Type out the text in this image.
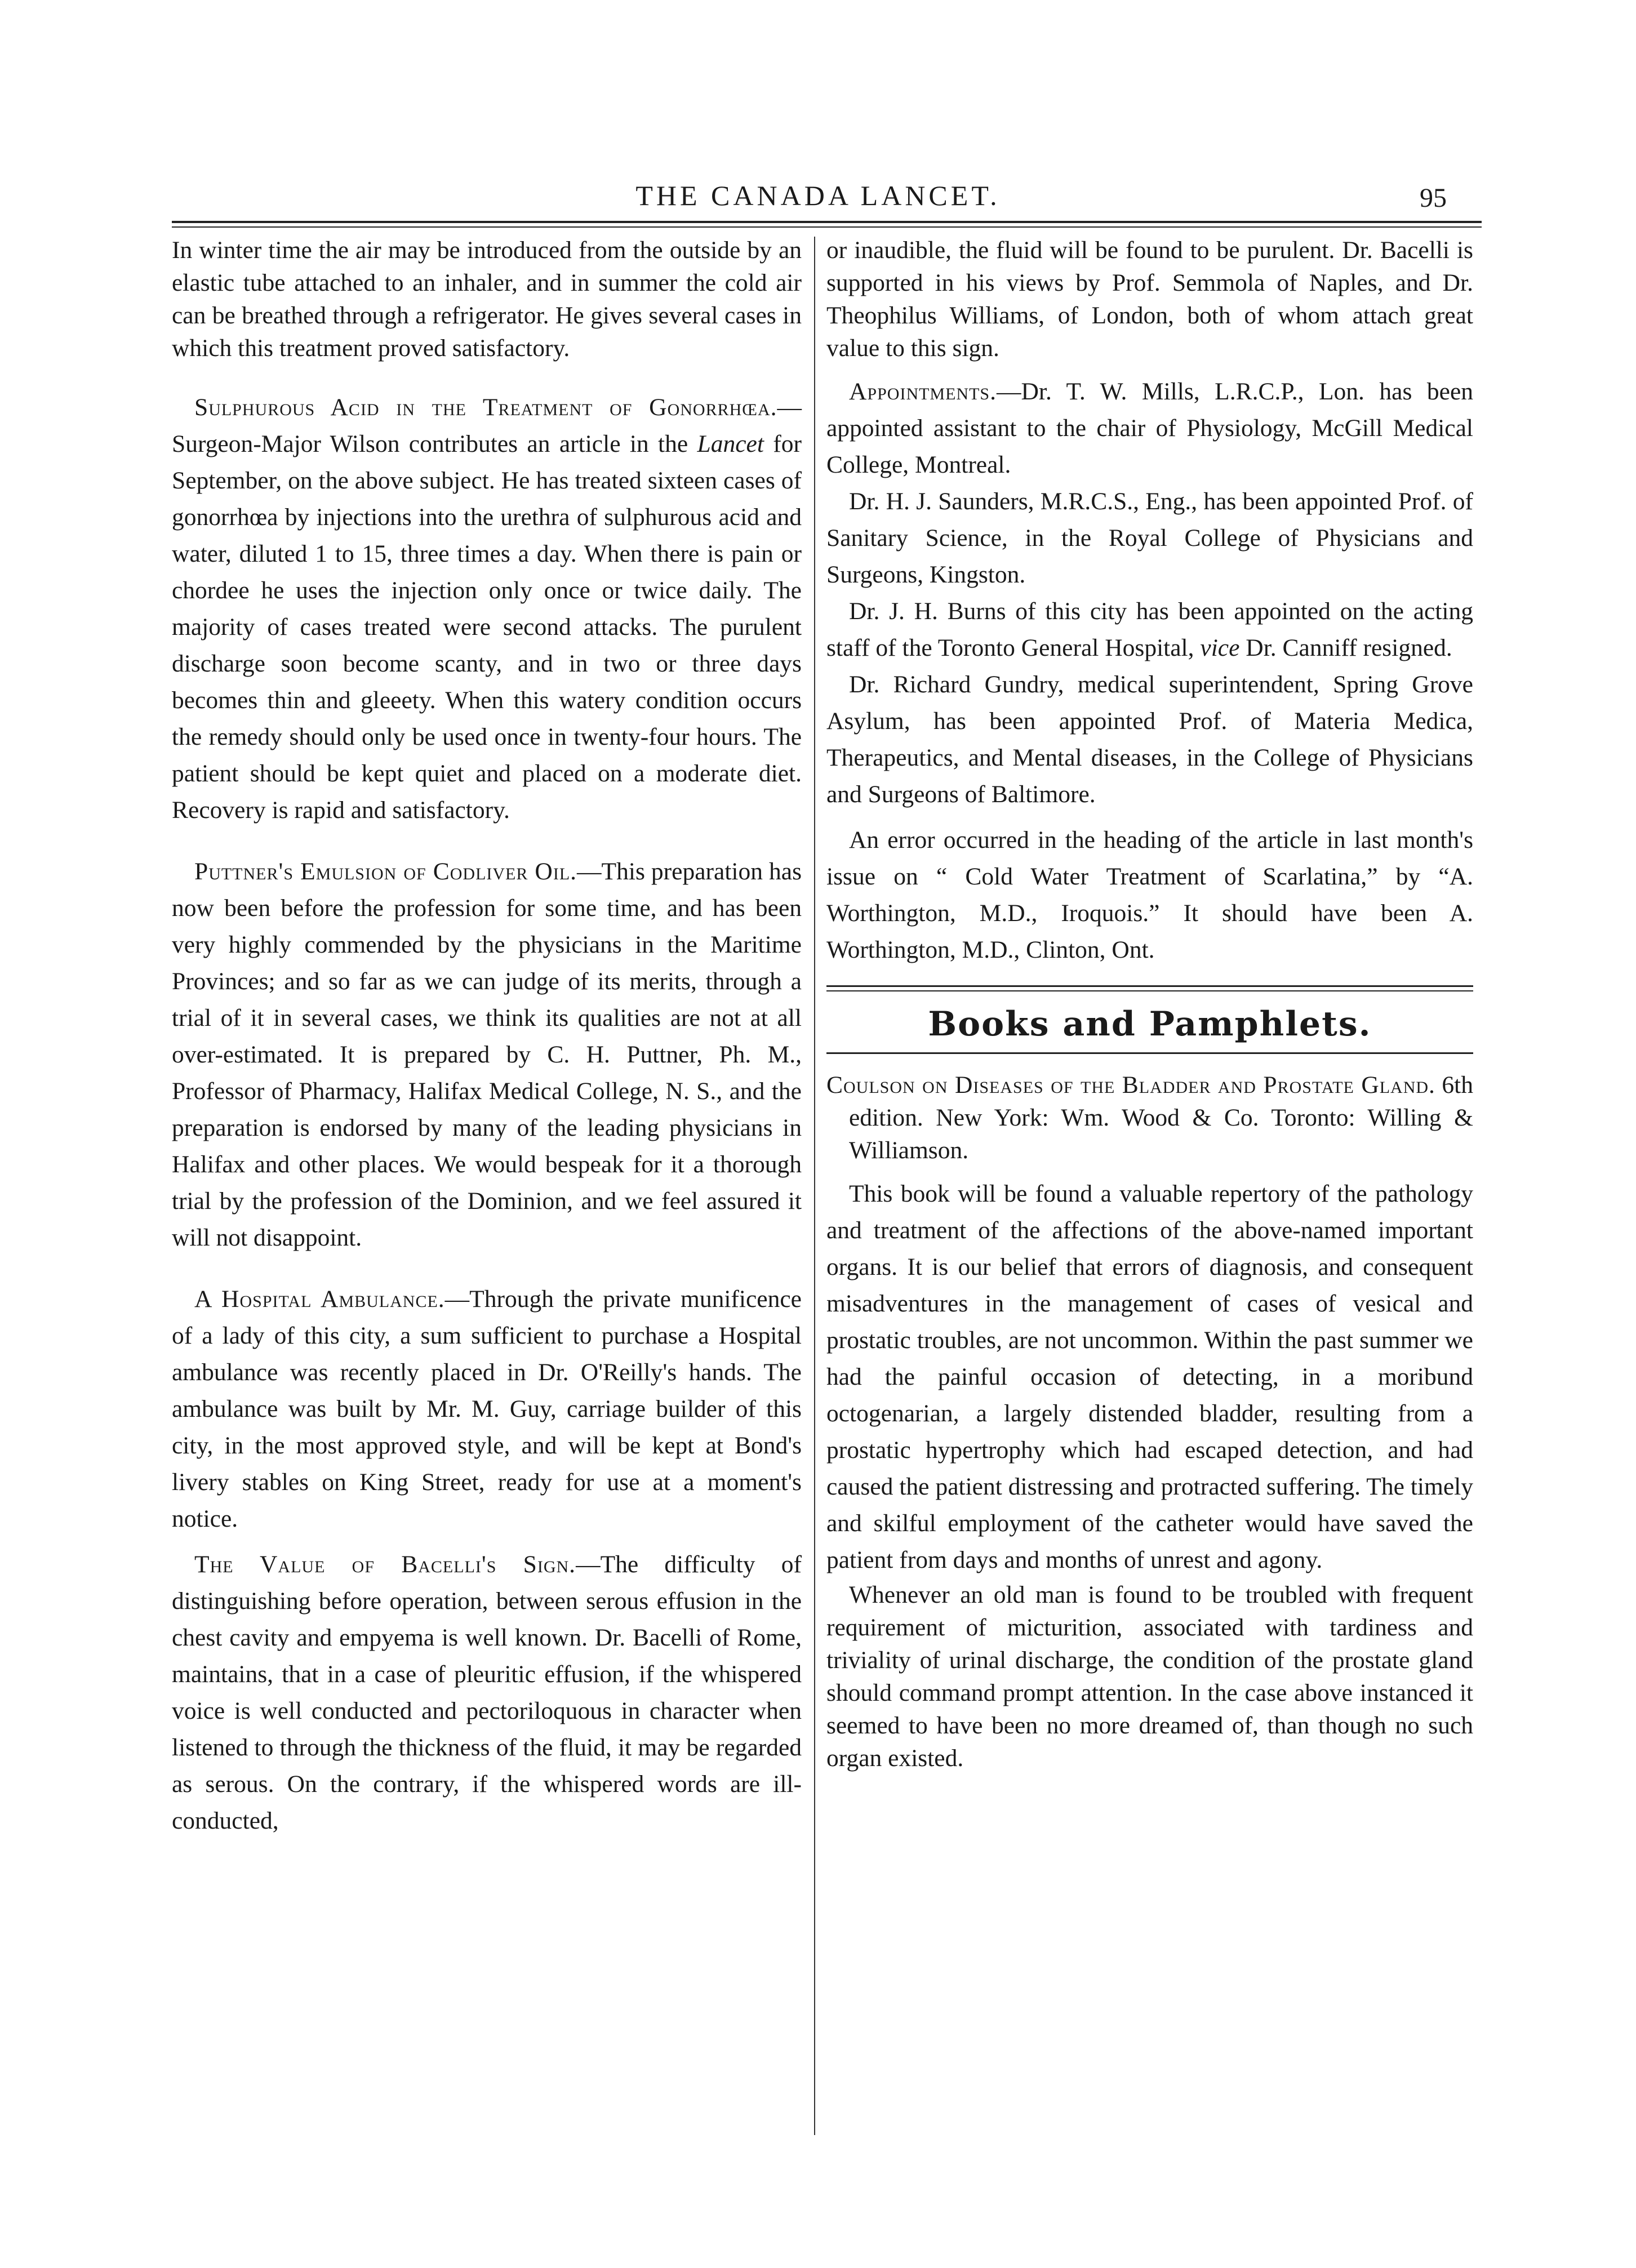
THE CANADA LANCET.	95

In winter time the air may be introduced from the outside by an elastic tube attached to an inhaler, and in summer the cold air can be breathed through a refrigerator. He gives several cases in which this treatment proved satisfactory.

Sulphurous Acid in the Treatment of Gonorrhœa.—Surgeon-Major Wilson contributes an article in the Lancet for September, on the above subject. He has treated sixteen cases of gonorrhœa by injections into the urethra of sulphurous acid and water, diluted 1 to 15, three times a day. When there is pain or chordee he uses the injection only once or twice daily. The majority of cases treated were second attacks. The purulent discharge soon become scanty, and in two or three days becomes thin and gleeety. When this watery condition occurs the remedy should only be used once in twenty-four hours. The patient should be kept quiet and placed on a moderate diet. Recovery is rapid and satisfactory.

Puttner's Emulsion of Codliver Oil.—This preparation has now been before the profession for some time, and has been very highly commended by the physicians in the Maritime Provinces; and so far as we can judge of its merits, through a trial of it in several cases, we think its qualities are not at all over-estimated. It is prepared by C. H. Puttner, Ph. M., Professor of Pharmacy, Halifax Medical College, N. S., and the preparation is endorsed by many of the leading physicians in Halifax and other places. We would bespeak for it a thorough trial by the profession of the Dominion, and we feel assured it will not disappoint.

A Hospital Ambulance.—Through the private munificence of a lady of this city, a sum sufficient to purchase a Hospital ambulance was recently placed in Dr. O'Reilly's hands. The ambulance was built by Mr. M. Guy, carriage builder of this city, in the most approved style, and will be kept at Bond's livery stables on King Street, ready for use at a moment's notice.

The Value of Bacelli's Sign.—The difficulty of distinguishing before operation, between serous effusion in the chest cavity and empyema is well known. Dr. Bacelli of Rome, maintains, that in a case of pleuritic effusion, if the whispered voice is well conducted and pectoriloquous in character when listened to through the thickness of the fluid, it may be regarded as serous. On the contrary, if the whispered words are ill-conducted,

or inaudible, the fluid will be found to be purulent. Dr. Bacelli is supported in his views by Prof. Semmola of Naples, and Dr. Theophilus Williams, of London, both of whom attach great value to this sign.

Appointments.—Dr. T. W. Mills, L.R.C.P., Lon. has been appointed assistant to the chair of Physiology, McGill Medical College, Montreal.

Dr. H. J. Saunders, M.R.C.S., Eng., has been appointed Prof. of Sanitary Science, in the Royal College of Physicians and Surgeons, Kingston.

Dr. J. H. Burns of this city has been appointed on the acting staff of the Toronto General Hospital, vice Dr. Canniff resigned.

Dr. Richard Gundry, medical superintendent, Spring Grove Asylum, has been appointed Prof. of Materia Medica, Therapeutics, and Mental diseases, in the College of Physicians and Surgeons of Baltimore.

An error occurred in the heading of the article in last month's issue on “ Cold Water Treatment of Scarlatina,” by “A. Worthington, M.D., Iroquois.” It should have been A. Worthington, M.D., Clinton, Ont.

Books and Pamphlets.

Coulson on Diseases of the Bladder and Prostate Gland. 6th edition. New York: Wm. Wood & Co. Toronto: Willing & Williamson.

This book will be found a valuable repertory of the pathology and treatment of the affections of the above-named important organs. It is our belief that errors of diagnosis, and consequent misadventures in the management of cases of vesical and prostatic troubles, are not uncommon. Within the past summer we had the painful occasion of detecting, in a moribund octogenarian, a largely distended bladder, resulting from a prostatic hypertrophy which had escaped detection, and had caused the patient distressing and protracted suffering. The timely and skilful employment of the catheter would have saved the patient from days and months of unrest and agony.

Whenever an old man is found to be troubled with frequent requirement of micturition, associated with tardiness and triviality of urinal discharge, the condition of the prostate gland should command prompt attention. In the case above instanced it seemed to have been no more dreamed of, than though no such organ existed.
